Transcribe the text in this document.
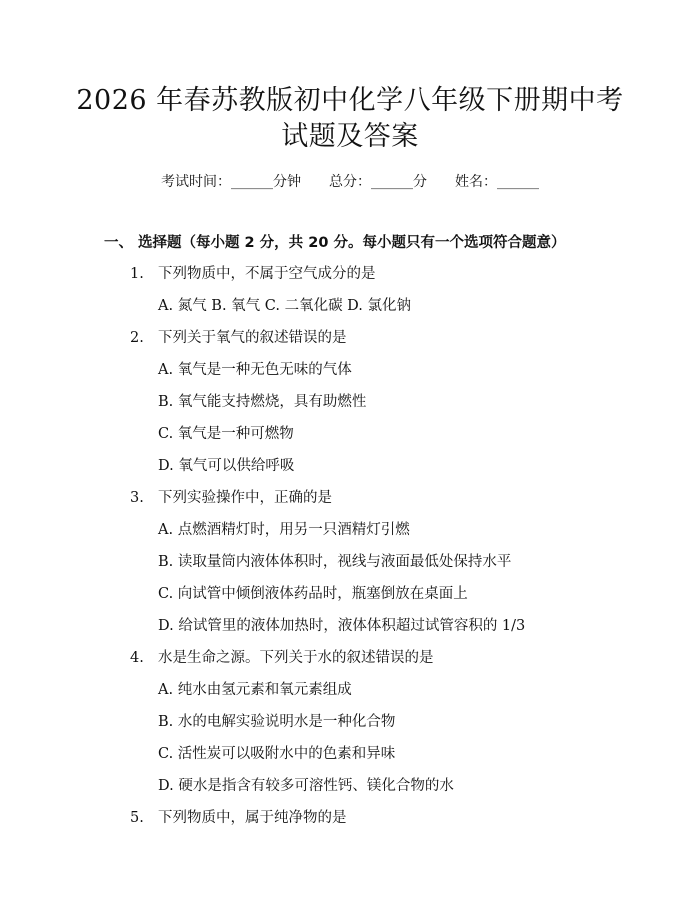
2026 年春苏教版初中化学八年级下册期中考
试题及答案
考试时间：______分钟 总分：______分 姓名：______
一、 选择题（每小题 2 分，共 20 分。每小题只有一个选项符合题意）
1. 下列物质中，不属于空气成分的是
A. 氮气 B. 氧气 C. 二氧化碳 D. 氯化钠
2. 下列关于氧气的叙述错误的是
A. 氧气是一种无色无味的气体
B. 氧气能支持燃烧，具有助燃性
C. 氧气是一种可燃物
D. 氧气可以供给呼吸
3. 下列实验操作中，正确的是
A. 点燃酒精灯时，用另一只酒精灯引燃
B. 读取量筒内液体体积时，视线与液面最低处保持水平
C. 向试管中倾倒液体药品时，瓶塞倒放在桌面上
D. 给试管里的液体加热时，液体体积超过试管容积的 1/3
4. 水是生命之源。下列关于水的叙述错误的是
A. 纯水由氢元素和氧元素组成
B. 水的电解实验说明水是一种化合物
C. 活性炭可以吸附水中的色素和异味
D. 硬水是指含有较多可溶性钙、镁化合物的水
5. 下列物质中，属于纯净物的是
